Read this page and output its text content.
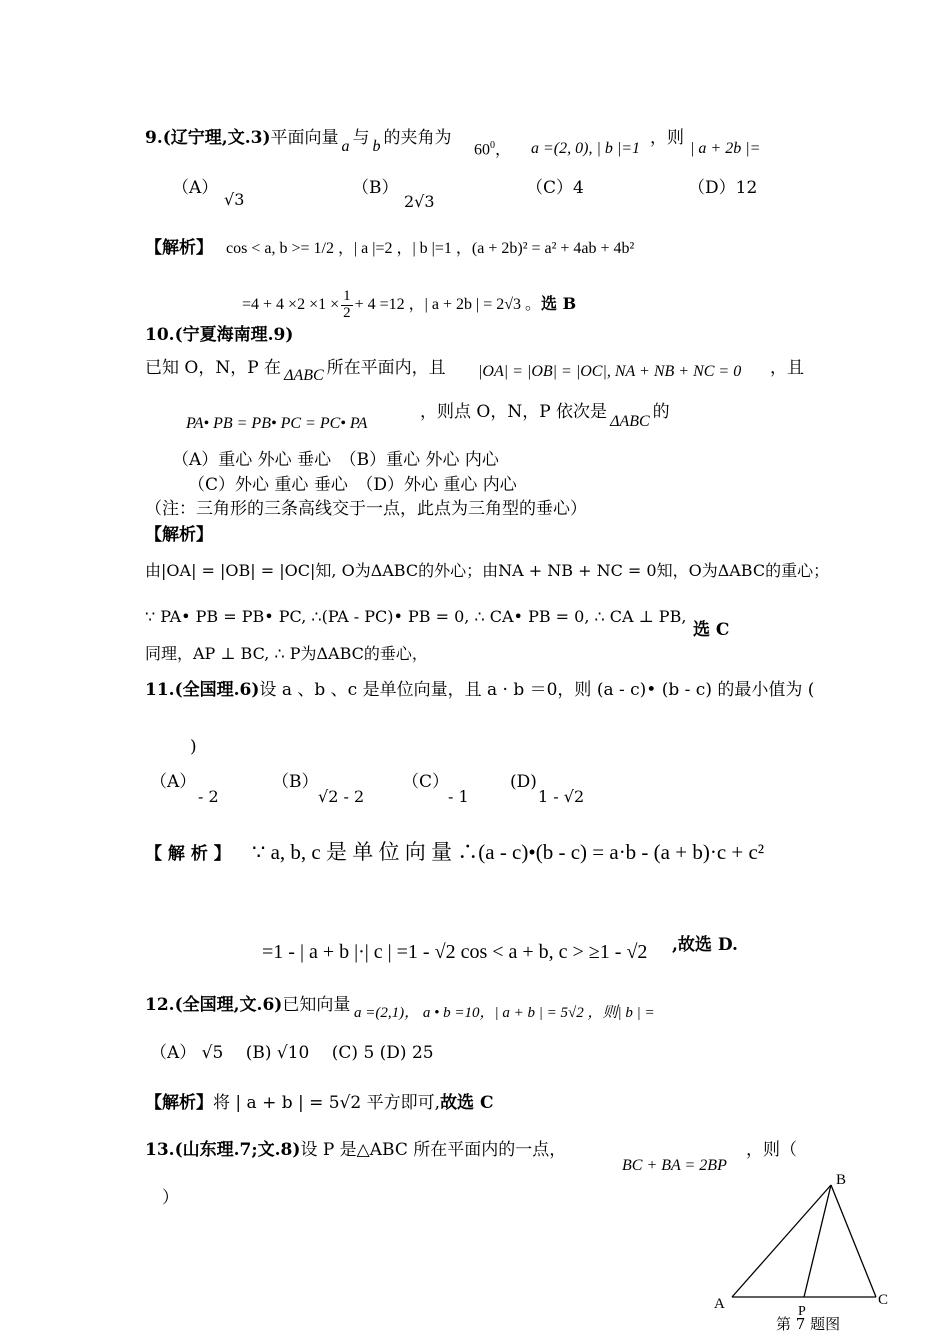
9.(辽宁理,文.3)平面向量 a 与 b 的夹角为
$60^0$， a =(2, 0), | b |=1
，则
| a + 2b |=
（A）
√3
（B）
2√3
（C）4	（D）12
【解析】 cos < a, b >= 1/2 ，| a |=2 ，| b |=1 ，(a + 2b)² = a² + 4ab + 4b²
$=4 + 4 \times 2 \times 1 \times \frac{1}{2} + 4 =12$ ，| a + 2b | = 2√3 。选 B
10.(宁夏海南理.9)
已知 O，N，P 在 ΔABC 所在平面内，且 |OA| = |OB| = |OC|, NA + NB + NC = 0 ，且
PA• PB = PB• PC = PC• PA
，则点 O，N，P 依次是 ΔABC 的
（A）重心 外心 垂心　（B）重心 外心 内心
（C）外心 重心 垂心　（D）外心 重心 内心
（注：三角形的三条高线交于一点，此点为三角型的垂心）
【解析】
由|OA| = |OB| = |OC|知, O为ΔABC的外心；由NA + NB + NC = 0知，O为ΔABC的重心；
∵ PA• PB = PB• PC, ∴(PA - PC)• PB = 0, ∴ CA• PB = 0, ∴ CA ⊥ PB,
选 C
同理，AP ⊥ BC, ∴ P为ΔABC的垂心，
11.(全国理.6)设 a 、b 、c 是单位向量，且 a · b ＝0，则 (a - c)• (b - c) 的最小值为 (
)
（A）
- 2
（B）
√2 - 2
（C）
- 1
(D)
1 - √2
【 解 析 】 ∵ a, b, c 是 单 位 向 量 ∴(a - c)•(b - c) = a·b - (a + b)·c + c²
=1 - | a + b |·| c | =1 - √2 cos < a + b, c > ≥1 - √2 ,故选 D.
12.(全国理,文.6)已知向量 a =(2,1)， a • b =10，| a + b | = 5√2 ，则| b | =
（A） √5　 (B) √10　 (C) 5 (D) 25
【解析】将 | a + b | = 5√2 平方即可,故选 C
13.(山东理.7;文.8)设 P 是△ABC 所在平面内的一点，
BC + BA = 2BP
，则（
）
A
B
C
P
第 7 题图
